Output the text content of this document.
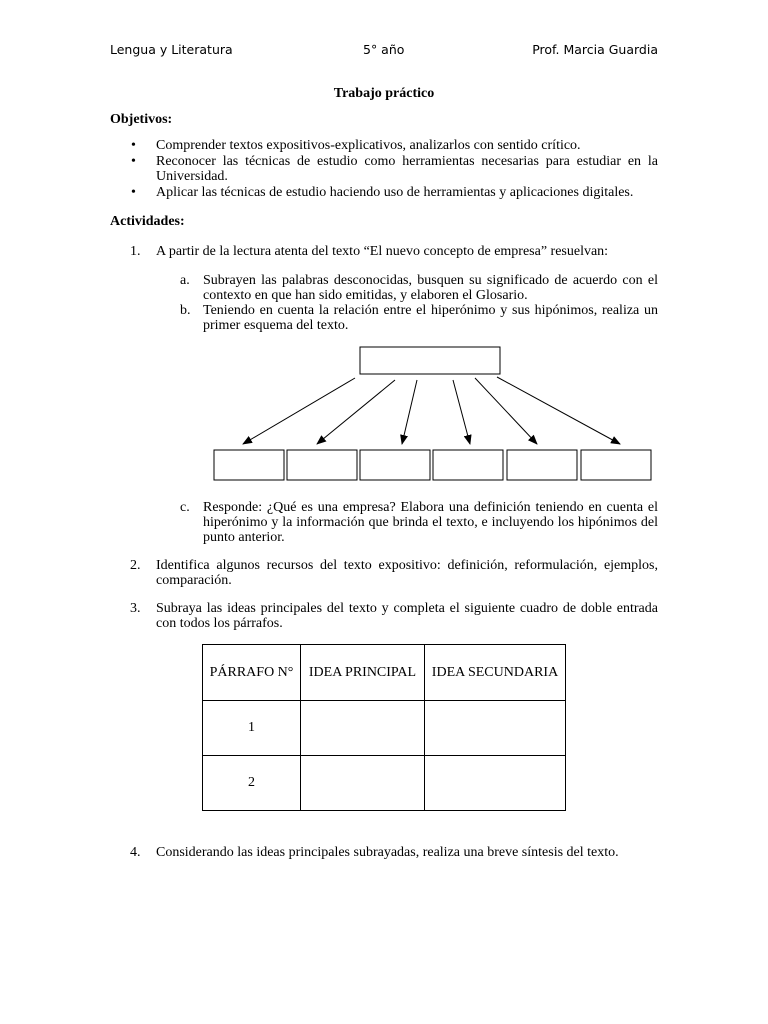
Lengua y Literatura	5° año	Prof. Marcia Guardia
Trabajo práctico
Objetivos:
• Comprender textos expositivos-explicativos, analizarlos con sentido crítico.
• Reconocer las técnicas de estudio como herramientas necesarias para estudiar en la Universidad.
• Aplicar las técnicas de estudio haciendo uso de herramientas y aplicaciones digitales.
Actividades:
1. A partir de la lectura atenta del texto “El nuevo concepto de empresa” resuelvan:
a. Subrayen las palabras desconocidas, busquen su significado de acuerdo con el contexto en que han sido emitidas, y elaboren el Glosario.
b. Teniendo en cuenta la relación entre el hiperónimo y sus hipónimos, realiza un primer esquema del texto.
c. Responde: ¿Qué es una empresa? Elabora una definición teniendo en cuenta el hiperónimo y la información que brinda el texto, e incluyendo los hipónimos del punto anterior.
2. Identifica algunos recursos del texto expositivo: definición, reformulación, ejemplos, comparación.
3. Subraya las ideas principales del texto y completa el siguiente cuadro de doble entrada con todos los párrafos.
PÁRRAFO N°	IDEA PRINCIPAL	IDEA SECUNDARIA
1		
2		
4. Considerando las ideas principales subrayadas, realiza una breve síntesis del texto.
